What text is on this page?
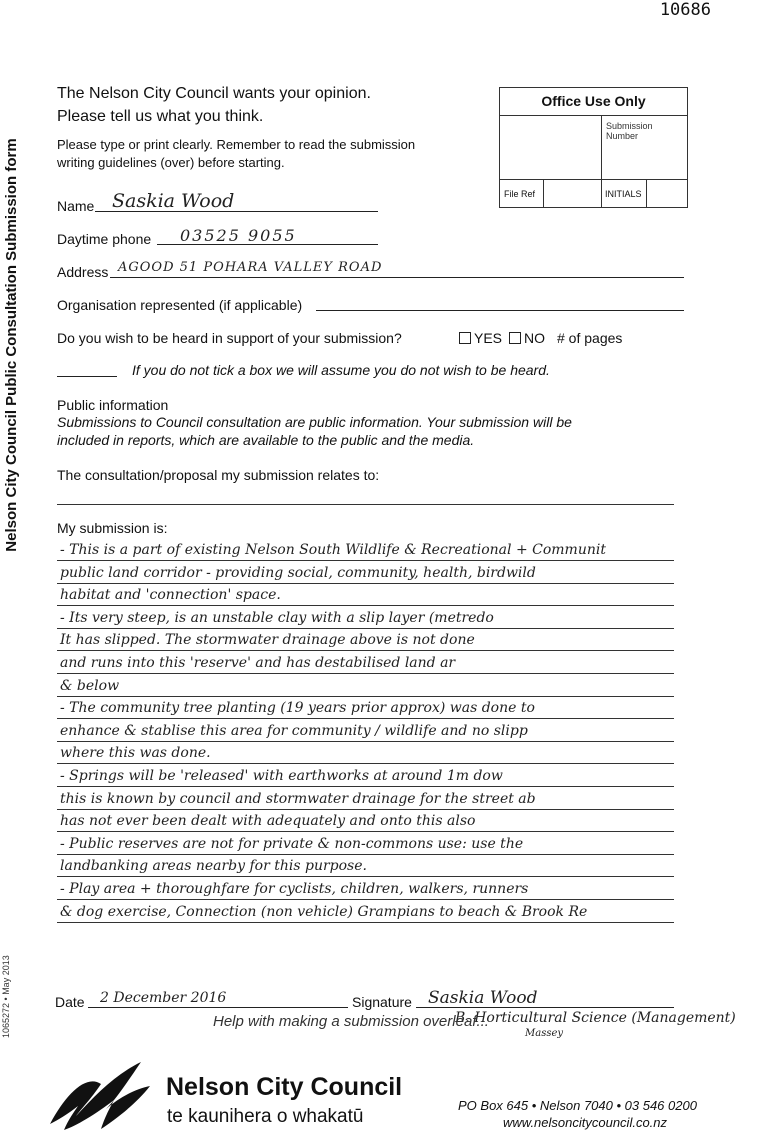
10686
Nelson City Council Public Consultation Submission form
1065272 • May 2013
The Nelson City Council wants your opinion.
Please tell us what you think.
Please type or print clearly. Remember to read the submission
writing guidelines (over) before starting.
Office Use Only
Submission Number
File Ref	INITIALS
Name Saskia Wood
Daytime phone 03525 9055
Address AGOOD 51 POHARA VALLEY ROAD
Organisation represented (if applicable)
Do you wish to be heard in support of your submission?	YES	NO # of pages
If you do not tick a box we will assume you do not wish to be heard.
Public information
Submissions to Council consultation are public information. Your submission will be
included in reports, which are available to the public and the media.
The consultation/proposal my submission relates to:
My submission is:
- This is a part of existing Nelson South Wildlife & Recreational + Communit
public land corridor - providing social, community, health, birdwild
habitat and 'connection' space.
- Its very steep, is an unstable clay with a slip layer (metredo
It has slipped. The stormwater drainage above is not done
and runs into this 'reserve' and has destabilised land ar
& below
- The community tree planting (19 years prior approx) was done to
enhance & stablise this area for community / wildlife and no slipp
where this was done.
- Springs will be 'released' with earthworks at around 1m dow
this is known by council and stormwater drainage for the street ab
has not ever been dealt with adequately and onto this also
- Public reserves are not for private & non-commons use: use the
landbanking areas nearby for this purpose.
- Play area + thoroughfare for cyclists, children, walkers, runners
& dog exercise, Connection (non vehicle) Grampians to beach & Brook Re
Date 2 December 2016	Signature Saskia Wood
B. Horticultural Science (Management)
Massey
Help with making a submission overleaf...
Nelson City Council
te kaunihera o whakatū
PO Box 645 • Nelson 7040 • 03 546 0200
www.nelsoncitycouncil.co.nz
